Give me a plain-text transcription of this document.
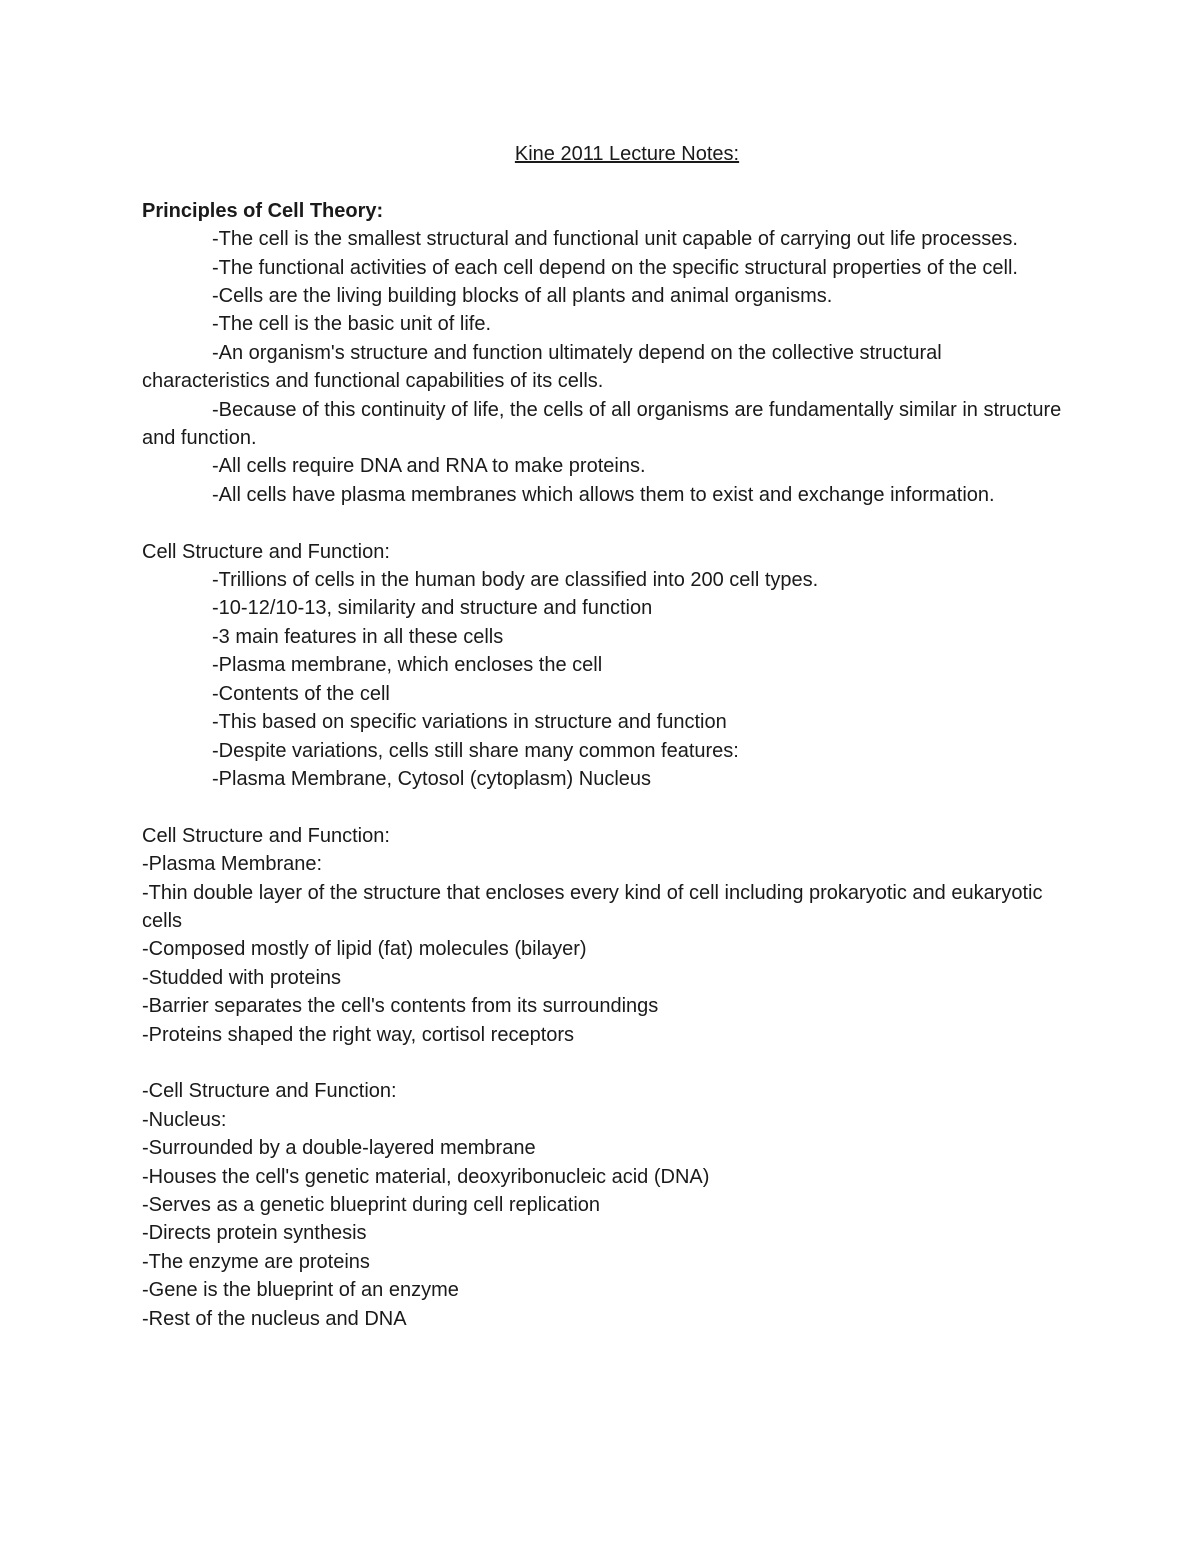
Kine 2011 Lecture Notes:

Principles of Cell Theory:

-The cell is the smallest structural and functional unit capable of carrying out life processes.

-The functional activities of each cell depend on the specific structural properties of the cell.

-Cells are the living building blocks of all plants and animal organisms.

-The cell is the basic unit of life.

-An organism's structure and function ultimately depend on the collective structural characteristics and functional capabilities of its cells.

-Because of this continuity of life, the cells of all organisms are fundamentally similar in structure and function.

-All cells require DNA and RNA to make proteins.

-All cells have plasma membranes which allows them to exist and exchange information.

Cell Structure and Function:

-Trillions of cells in the human body are classified into 200 cell types.

-10-12/10-13, similarity and structure and function

-3 main features in all these cells

-Plasma membrane, which encloses the cell

-Contents of the cell

-This based on specific variations in structure and function

-Despite variations, cells still share many common features:

-Plasma Membrane, Cytosol (cytoplasm) Nucleus

Cell Structure and Function:

-Plasma Membrane:

-Thin double layer of the structure that encloses every kind of cell including prokaryotic and eukaryotic cells

-Composed mostly of lipid (fat) molecules (bilayer)

-Studded with proteins

-Barrier separates the cell's contents from its surroundings

-Proteins shaped the right way, cortisol receptors

-Cell Structure and Function:

-Nucleus:

-Surrounded by a double-layered membrane

-Houses the cell's genetic material, deoxyribonucleic acid (DNA)

-Serves as a genetic blueprint during cell replication

-Directs protein synthesis

-The enzyme are proteins

-Gene is the blueprint of an enzyme

-Rest of the nucleus and DNA
